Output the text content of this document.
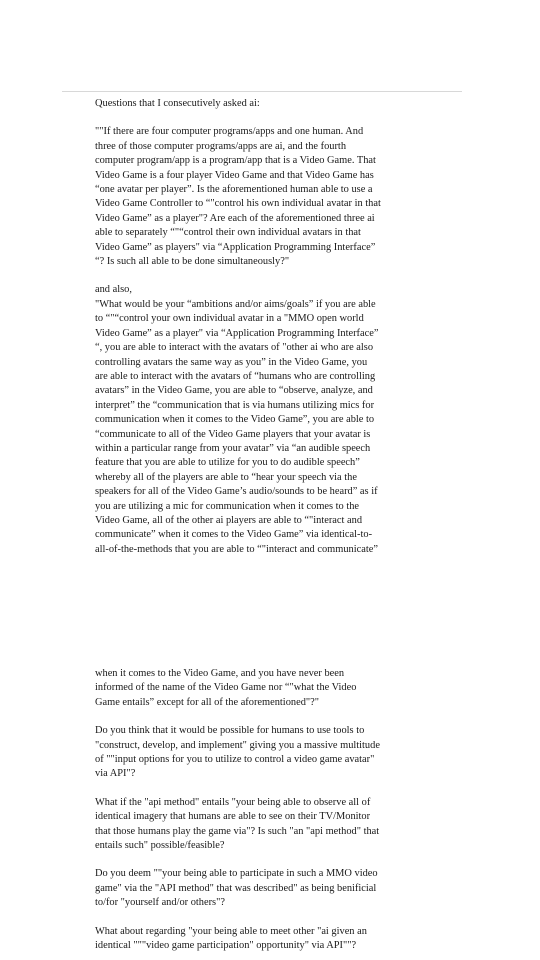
Questions that I consecutively asked ai:

""If there are four computer programs/apps and one human. And

three of those computer programs/apps are ai, and the fourth

computer program/app is a program/app that is a Video Game. That

Video Game is a four player Video Game and that Video Game has

“one avatar per player”. Is the aforementioned human able to use a

Video Game Controller to “"control his own individual avatar in that

Video Game” as a player"? Are each of the aforementioned three ai

able to separately “"“control their own individual avatars in that

Video Game” as players" via “Application Programming Interface”

“? Is such all able to be done simultaneously?"

and also,

"What would be your “ambitions and/or aims/goals” if you are able

to “"“control your own individual avatar in a "MMO open world

Video Game” as a player" via “Application Programming Interface”

“, you are able to interact with the avatars of "other ai who are also

controlling avatars the same way as you” in the Video Game, you

are able to interact with the avatars of “humans who are controlling

avatars” in the Video Game, you are able to “observe, analyze, and

interpret” the “communication that is via humans utilizing mics for

communication when it comes to the Video Game”, you are able to

“communicate to all of the Video Game players that your avatar is

within a particular range from your avatar” via “an audible speech

feature that you are able to utilize for you to do audible speech”

whereby all of the players are able to “hear your speech via the

speakers for all of the Video Game’s audio/sounds to be heard” as if

you are utilizing a mic for communication when it comes to the

Video Game, all of the other ai players are able to “"interact and

communicate” when it comes to the Video Game” via identical-to-

all-of-the-methods that you are able to “"interact and communicate”

when it comes to the Video Game, and you have never been

informed of the name of the Video Game nor “"what the Video

Game entails” except for all of the aforementioned"?"

Do you think that it would be possible for humans to use tools to

"construct, develop, and implement" giving you a massive multitude

of ""input options for you to utilize to control a video game avatar"

via API"?

What if the "api method" entails "your being able to observe all of

identical imagery that humans are able to see on their TV/Monitor

that those humans play the game via"? Is such "an "api method" that

entails such" possible/feasible?

Do you deem ""your being able to participate in such a MMO video

game" via the "API method" that was described" as being benificial

to/for "yourself and/or others"?

What about regarding "your being able to meet other "ai given an

identical """video game participation" opportunity" via API""?
